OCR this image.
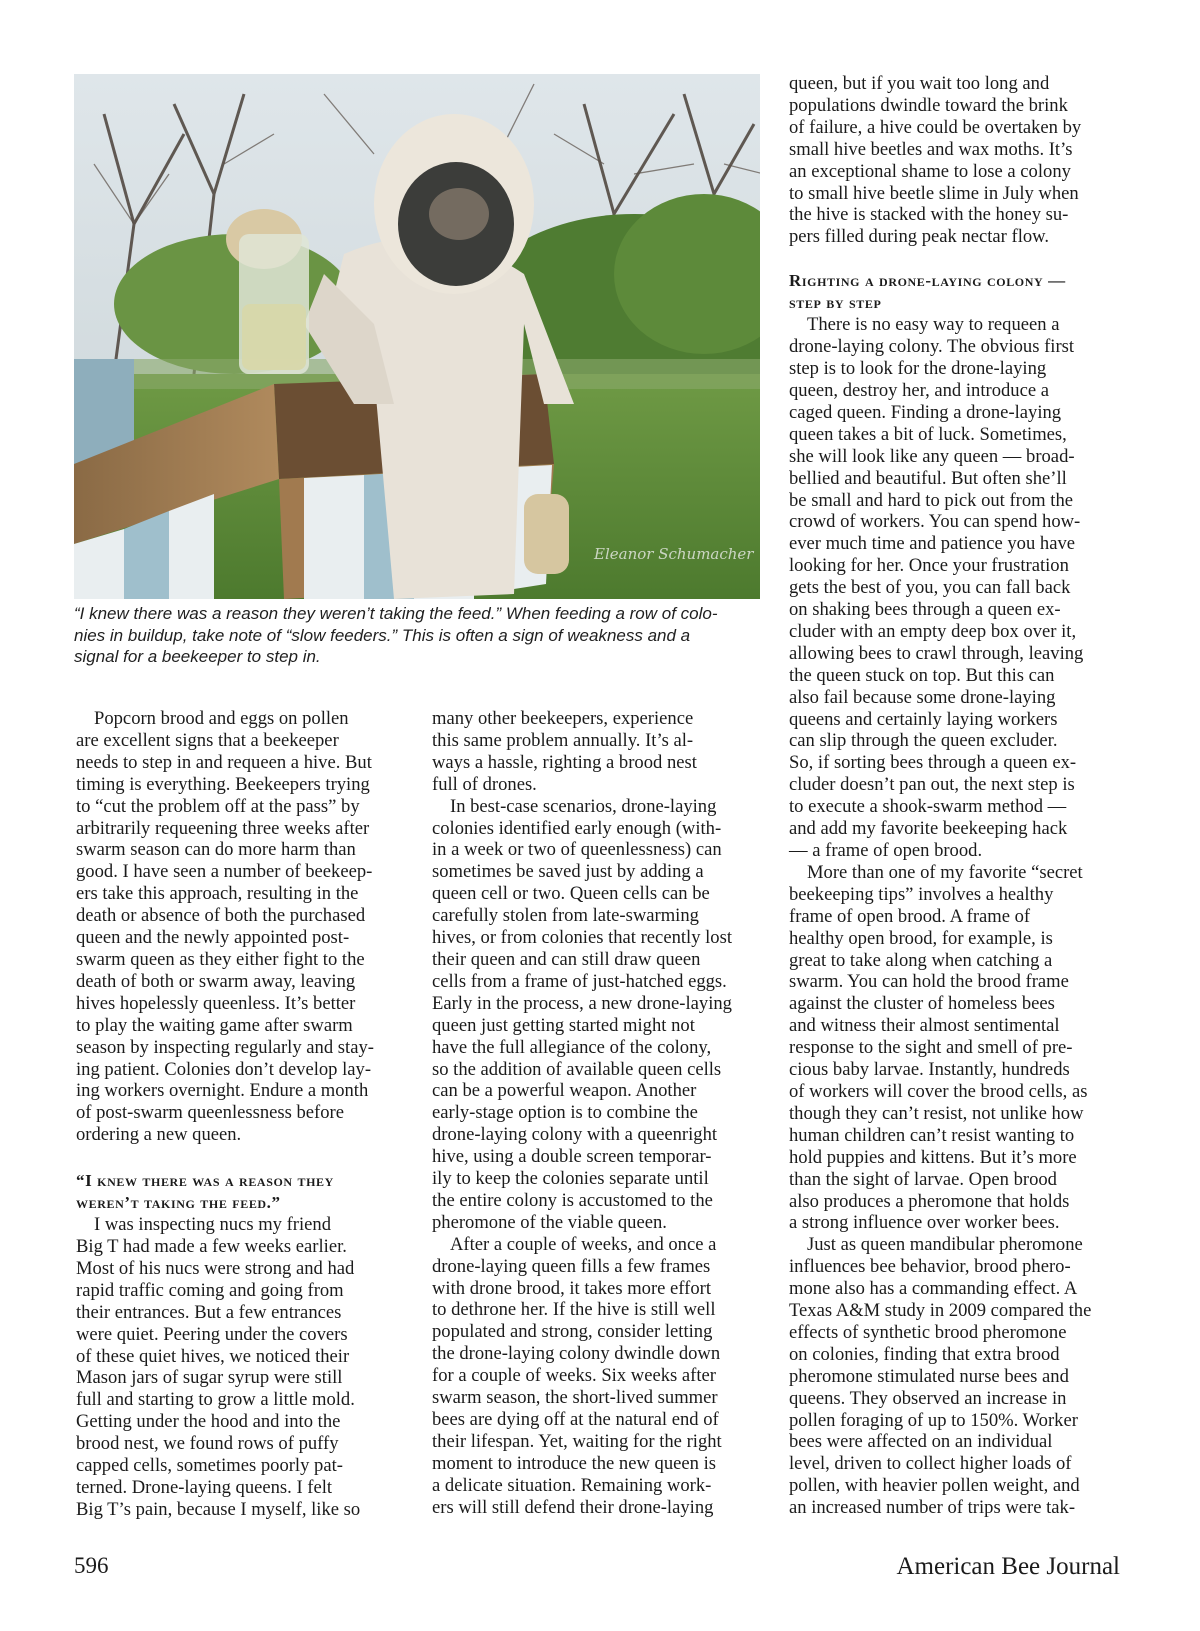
Eleanor Schumacher

“I knew there was a reason they weren’t taking the feed.” When feeding a row of colo-
nies in buildup, take note of “slow feeders.” This is often a sign of weakness and a
signal for a beekeeper to step in.

Popcorn brood and eggs on pollen
are excellent signs that a beekeeper
needs to step in and requeen a hive. But
timing is everything. Beekeepers trying
to “cut the problem off at the pass” by
arbitrarily requeening three weeks after
swarm season can do more harm than
good. I have seen a number of beekeep-
ers take this approach, resulting in the
death or absence of both the purchased
queen and the newly appointed post-
swarm queen as they either fight to the
death of both or swarm away, leaving
hives hopelessly queenless. It’s better
to play the waiting game after swarm
season by inspecting regularly and stay-
ing patient. Colonies don’t develop lay-
ing workers overnight. Endure a month
of post-swarm queenlessness before
ordering a new queen.
“I knew there was a reason they
weren’t taking the feed.”
I was inspecting nucs my friend
Big T had made a few weeks earlier.
Most of his nucs were strong and had
rapid traffic coming and going from
their entrances. But a few entrances
were quiet. Peering under the covers
of these quiet hives, we noticed their
Mason jars of sugar syrup were still
full and starting to grow a little mold.
Getting under the hood and into the
brood nest, we found rows of puffy
capped cells, sometimes poorly pat-
terned. Drone-laying queens. I felt
Big T’s pain, because I myself, like so
many other beekeepers, experience
this same problem annually. It’s al-
ways a hassle, righting a brood nest
full of drones.
In best-case scenarios, drone-laying
colonies identified early enough (with-
in a week or two of queenlessness) can
sometimes be saved just by adding a
queen cell or two. Queen cells can be
carefully stolen from late-swarming
hives, or from colonies that recently lost
their queen and can still draw queen
cells from a frame of just-hatched eggs.
Early in the process, a new drone-laying
queen just getting started might not
have the full allegiance of the colony,
so the addition of available queen cells
can be a powerful weapon. Another
early-stage option is to combine the
drone-laying colony with a queenright
hive, using a double screen temporar-
ily to keep the colonies separate until
the entire colony is accustomed to the
pheromone of the viable queen.
After a couple of weeks, and once a
drone-laying queen fills a few frames
with drone brood, it takes more effort
to dethrone her. If the hive is still well
populated and strong, consider letting
the drone-laying colony dwindle down
for a couple of weeks. Six weeks after
swarm season, the short-lived summer
bees are dying off at the natural end of
their lifespan. Yet, waiting for the right
moment to introduce the new queen is
a delicate situation. Remaining work-
ers will still defend their drone-laying
queen, but if you wait too long and
populations dwindle toward the brink
of failure, a hive could be overtaken by
small hive beetles and wax moths. It’s
an exceptional shame to lose a colony
to small hive beetle slime in July when
the hive is stacked with the honey su-
pers filled during peak nectar flow.
Righting a drone-laying colony —
step by step
There is no easy way to requeen a
drone-laying colony. The obvious first
step is to look for the drone-laying
queen, destroy her, and introduce a
caged queen. Finding a drone-laying
queen takes a bit of luck. Sometimes,
she will look like any queen — broad-
bellied and beautiful. But often she’ll
be small and hard to pick out from the
crowd of workers. You can spend how-
ever much time and patience you have
looking for her. Once your frustration
gets the best of you, you can fall back
on shaking bees through a queen ex-
cluder with an empty deep box over it,
allowing bees to crawl through, leaving
the queen stuck on top. But this can
also fail because some drone-laying
queens and certainly laying workers
can slip through the queen excluder.
So, if sorting bees through a queen ex-
cluder doesn’t pan out, the next step is
to execute a shook-swarm method —
and add my favorite beekeeping hack
— a frame of open brood.
More than one of my favorite “secret
beekeeping tips” involves a healthy
frame of open brood. A frame of
healthy open brood, for example, is
great to take along when catching a
swarm. You can hold the brood frame
against the cluster of homeless bees
and witness their almost sentimental
response to the sight and smell of pre-
cious baby larvae. Instantly, hundreds
of workers will cover the brood cells, as
though they can’t resist, not unlike how
human children can’t resist wanting to
hold puppies and kittens. But it’s more
than the sight of larvae. Open brood
also produces a pheromone that holds
a strong influence over worker bees.
Just as queen mandibular pheromone
influences bee behavior, brood phero-
mone also has a commanding effect. A
Texas A&M study in 2009 compared the
effects of synthetic brood pheromone
on colonies, finding that extra brood
pheromone stimulated nurse bees and
queens. They observed an increase in
pollen foraging of up to 150%. Worker
bees were affected on an individual
level, driven to collect higher loads of
pollen, with heavier pollen weight, and
an increased number of trips were tak-
596	American Bee Journal
